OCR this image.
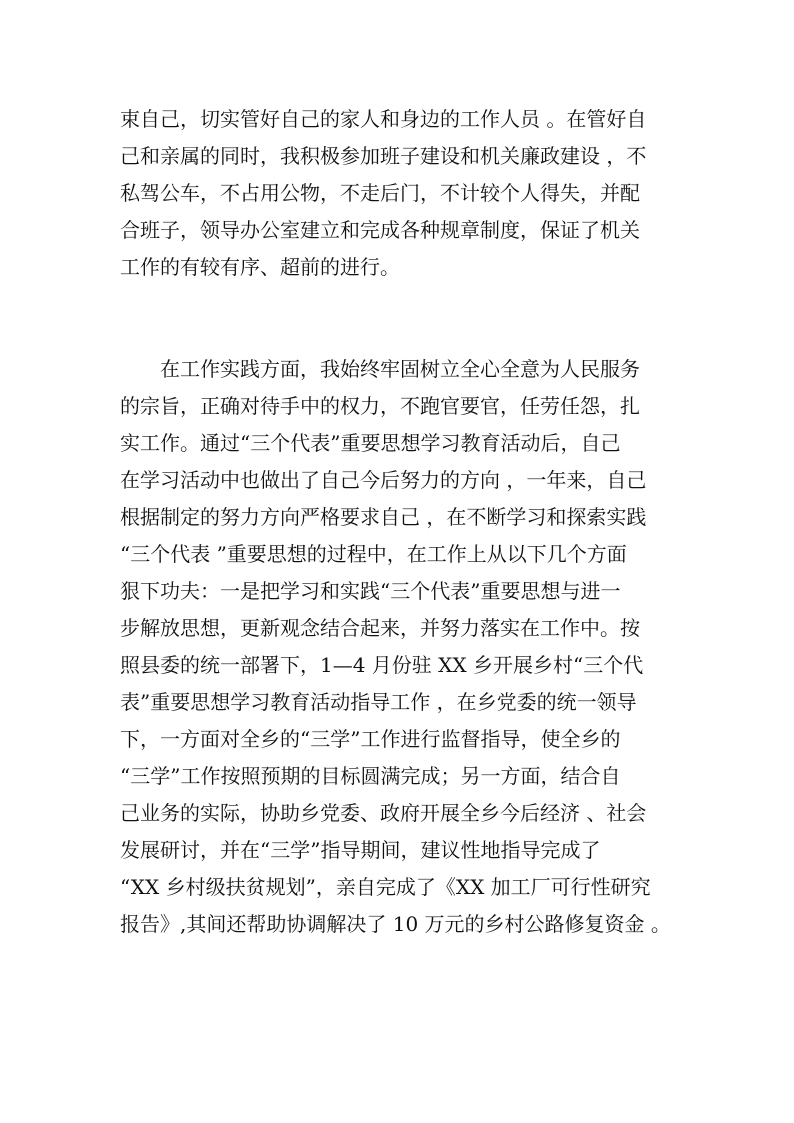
束自己，切实管好自己的家人和身边的工作人员 。在管好自
己和亲属的同时，我积极参加班子建设和机关廉政建设 ，不
私驾公车，不占用公物，不走后门，不计较个人得失，并配
合班子，领导办公室建立和完成各种规章制度，保证了机关
工作的有较有序、超前的进行。
在工作实践方面，我始终牢固树立全心全意为人民服务
的宗旨，正确对待手中的权力，不跑官要官，任劳任怨，扎
实工作。通过“三个代表”重要思想学习教育活动后，自己
在学习活动中也做出了自己今后努力的方向 ，一年来，自己
根据制定的努力方向严格要求自己 ，在不断学习和探索实践
“三个代表 ”重要思想的过程中，在工作上从以下几个方面
狠下功夫：一是把学习和实践“三个代表”重要思想与进一
步解放思想，更新观念结合起来，并努力落实在工作中。按
照县委的统一部署下，1—4 月份驻 XX 乡开展乡村“三个代
表”重要思想学习教育活动指导工作 ，在乡党委的统一领导
下，一方面对全乡的“三学”工作进行监督指导，使全乡的
“三学”工作按照预期的目标圆满完成；另一方面，结合自
己业务的实际，协助乡党委、政府开展全乡今后经济 、社会
发展研讨，并在“三学”指导期间，建议性地指导完成了
“XX 乡村级扶贫规划”，亲自完成了《XX 加工厂可行性研究
报告》,其间还帮助协调解决了 10 万元的乡村公路修复资金 。
